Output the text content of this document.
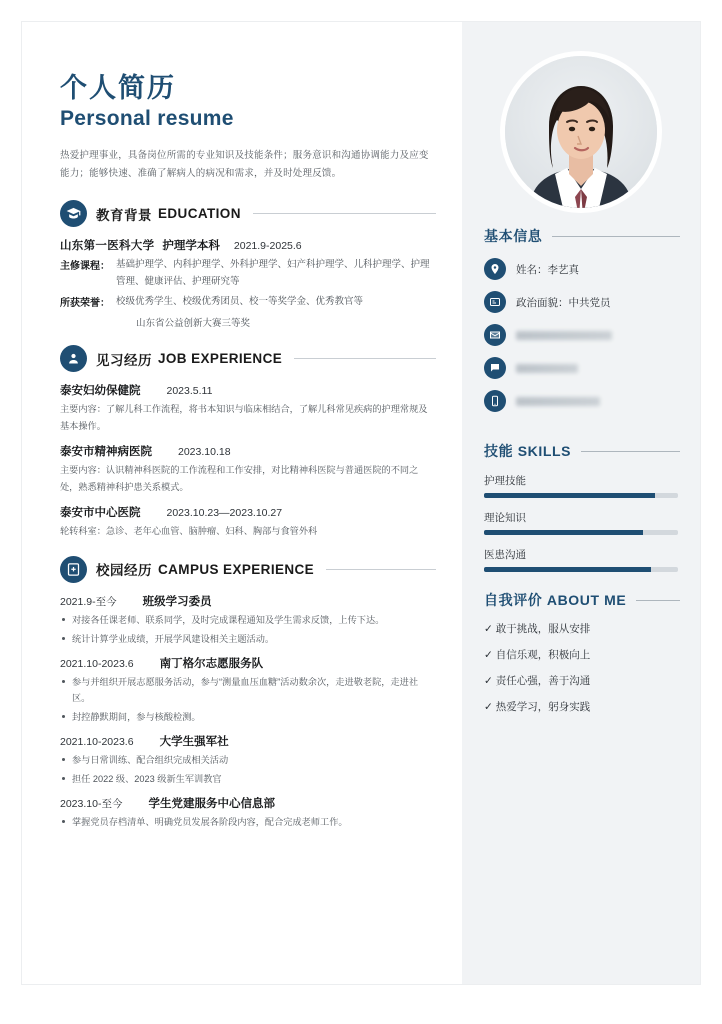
个人简历
Personal resume
热爱护理事业，具备岗位所需的专业知识及技能条件；服务意识和沟通协调能力及应变能力；能够快速、准确了解病人的病况和需求，并及时处理反馈。
教育背景 EDUCATION
山东第一医科大学 护理学本科 2021.9-2025.6
主修课程： 基础护理学、内科护理学、外科护理学、妇产科护理学、儿科护理学、护理管理、健康评估、护理研究等
所获荣誉： 校级优秀学生、校级优秀团员、校一等奖学金、优秀教官等
山东省公益创新大赛三等奖
见习经历 JOB EXPERIENCE
泰安妇幼保健院 2023.5.11
主要内容：了解儿科工作流程，将书本知识与临床相结合，了解儿科常见疾病的护理常规及基本操作。
泰安市精神病医院 2023.10.18
主要内容：认识精神科医院的工作流程和工作安排，对比精神科医院与普通医院的不同之处，熟悉精神科护患关系模式。
泰安市中心医院 2023.10.23—2023.10.27
轮转科室：急诊、老年心血管、脑肿瘤、妇科、胸部与食管外科
校园经历 CAMPUS EXPERIENCE
2021.9-至今 班级学习委员
对接各任课老师、联系同学，及时完成课程通知及学生需求反馈，上传下达。
统计计算学业成绩，开展学风建设相关主题活动。
2021.10-2023.6 南丁格尔志愿服务队
参与并组织开展志愿服务活动，参与“测量血压血糖”活动数余次，走进敬老院，走进社区。
封控静默期间，参与核酸检测。
2021.10-2023.6 大学生强军社
参与日常训练、配合组织完成相关活动
担任 2022 级、2023 级新生军训教官
2023.10-至今 学生党建服务中心信息部
掌握党员存档清单、明确党员发展各阶段内容，配合完成老师工作。
基本信息
姓名：李艺真
政治面貌：中共党员
技能 SKILLS
护理技能
理论知识
医患沟通
自我评价 ABOUT ME
✓ 敢于挑战，服从安排
✓ 自信乐观，积极向上
✓ 责任心强，善于沟通
✓ 热爱学习，躬身实践
